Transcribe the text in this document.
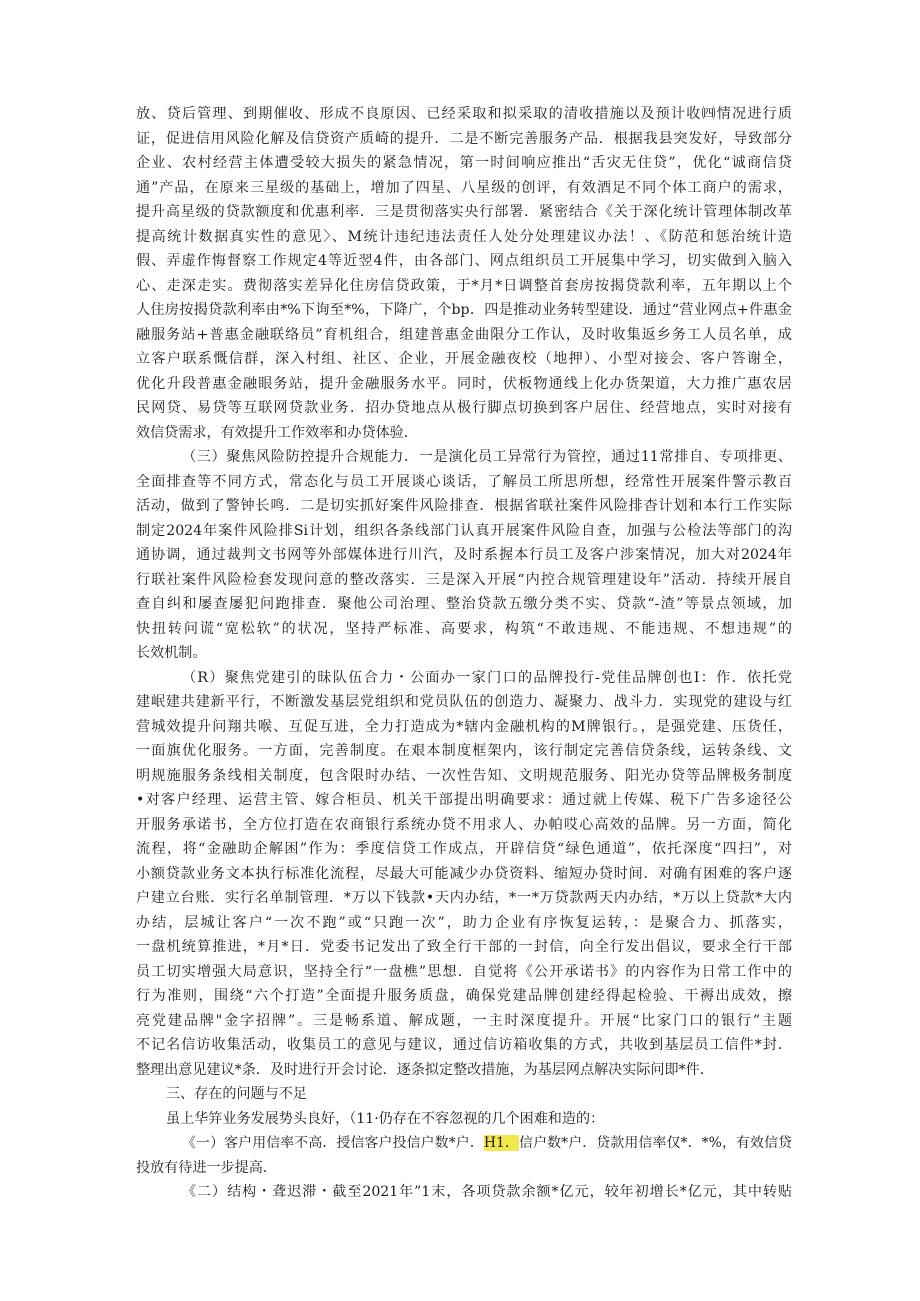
放、贷后管理、到期催收、形成不良原因、已经采取和拟采取的清收措施以及预计收㈣情况进行质
证，促进信用风险化解及信贷资产质崎的提升．二是不断完善服务产品．根据我县突发好，导致部分
企业、农村经营主体遭受较大损失的紧急情况，第一时间响应推出“舌灾无住贷”，优化“诚商信贷
通”产品，在原来三星级的基础上，增加了四星、八星级的创评，有效酒足不同个体工商户的需求，
提升高星级的贷款额度和优惠利率．三是贯彻落实央行部署．紧密结合《关于深化统计管理体制改革
提高统计数据真实性的意见〉、M统计违纪违法责任人处分处理建议办法！、《防范和惩治统计造
假、弄虚作悔督察工作规定4等近翌4件，由各部门、网点组织员工开展集中学习，切实做到入脑入
心、走深走实。费彻落实差异化住房信贷政策，于*月*日调整首套房按揭贷款利率，五年期以上个
人住房按揭贷款利率由*%下询至*%，下降广，个bp．四是推动业务转型建设．通过“营业网点+件惠金
融服务站+普惠金融联络员”育机组合，组建普惠金曲限分工作认，及时收集返乡务工人员名单，成
立客户联系慨信群，深入村组、社区、企业，开展金融夜校（地押）、小型对接会、客户答谢全，
优化升段普惠金融眼务站，提升金融服务水平。同时，伏板物通线上化办货架道，大力推广惠农居
民网贷、易贷等互联网贷款业务．招办贷地点从极行脚点切换到客户居住、经营地点，实时对接有
效信贷需求，有效提升工作效率和办贷体验．
（三）聚焦风险防控提升合规能力．一是演化员工异常行为管控，通过11常排自、专项排更、
全面排查等不同方式，常态化与员工开展谈心谈话，了解员工所思所想，经常性开展案件警示教百
活动，做到了警钟长鸣．二是切实抓好案件风险排查．根据省联社案件风险排杳计划和本行工作实际
制定2024年案件风险排Si计划，组织各条线部门认真开展案件风险自查，加强与公检法等部门的沟
通协调，通过裁判文书网等外部媒体进行川汽，及时系握本行员工及客户涉案情况，加大对2024年
行联社案件风险检套发现问意的整改落实．三是深入开展“内控合规管理建设年”活动．持续开展自
查自纠和屡查屡犯问跑排查．聚他公司治理、整治贷款五缴分类不实、贷款“-渣”等景点领域，加
快扭转问谎“宽松软”的状况，坚持严标准、高要求，构筑“不敢违规、不能违规、不想违规”的
长效机制。
（R）聚焦党建引的昧队伍合力・公面办一家门口的品牌投行-党佳品牌创也I：作．依托党
建岷建共建新平行，不断激发基层党组织和党员队伍的创造力、凝聚力、战斗力．实现党的建设与红
营城效提升问翔共喉、互促互进，全力打造成为*辖内金融机构的M牌银行。，是强党建、压货任，
一面旗优化服务。一方面，完善制度。在艰本制度框架内，该行制定完善信贷条线，运转条线、文
明规施服务条线相关制度，包含限时办结、一次性告知、文明规范服务、阳光办贷等品牌极务制度
•对客户经理、运营主管、嫁合柜员、机关干部提出明确要求：通过就上传媒、税下广告多途径公
开服务承诺书，全方位打造在农商银行系统办贷不用求人、办帕哎心高效的品牌。另一方面，简化
流程，将“金融助企解困”作为：季度信贷工作成点，开辟信贷“绿色通道”，依托深度“四扫”，对
小额贷款业务文本执行标准化流程，尽最大可能减少办贷资料、缩短办贷时间．对确有困难的客户逐
户建立台账．实行名单制管理．*万以下钱款•天内办结，*一*万贷款两天内办结，*万以上贷款*大内
办结，层城让客户“一次不跑”或“只跑一次”，助力企业有序恢复运转，：是聚合力、抓落实，
一盘机统算推进，*月*日．党委书记发出了致全行干部的一封信，向全行发出倡议，要求全行干部
员工切实增强大局意识，坚持全行“一盘樵”思想．自觉将《公开承诺书》的内容作为日常工作中的
行为准则，围绕“六个打造”全面提升服务质盘，确保党建品牌创建经得起检验、干褥出成效，擦
亮党建品牌"金字招牌”。三是畅系道、解成题，一主时深度提升。开展“比家门口的银行”主题
不记名信访收集活动，收集员工的意见与建议，通过信访箱收集的方式，共收到基层员工信件*封．
整理出意见建议*条．及时进行开会讨论．逐条拟定整改措施，为基层网点解决实际问即*件．
三、存在的问题与不足
虽上华笄业务发展势头良好，（11·仍存在不容忽视的几个困难和造的：
《一）客户用信率不高．授信客户投信户数*户．H1．信户数*户．贷款用信率仅*．*%，有效信贷
投放有待进一步提高．
《二）结构・聋迟滞・截至2021年”1末，各项贷款余额*亿元，较年初增长*亿元，其中转贴
